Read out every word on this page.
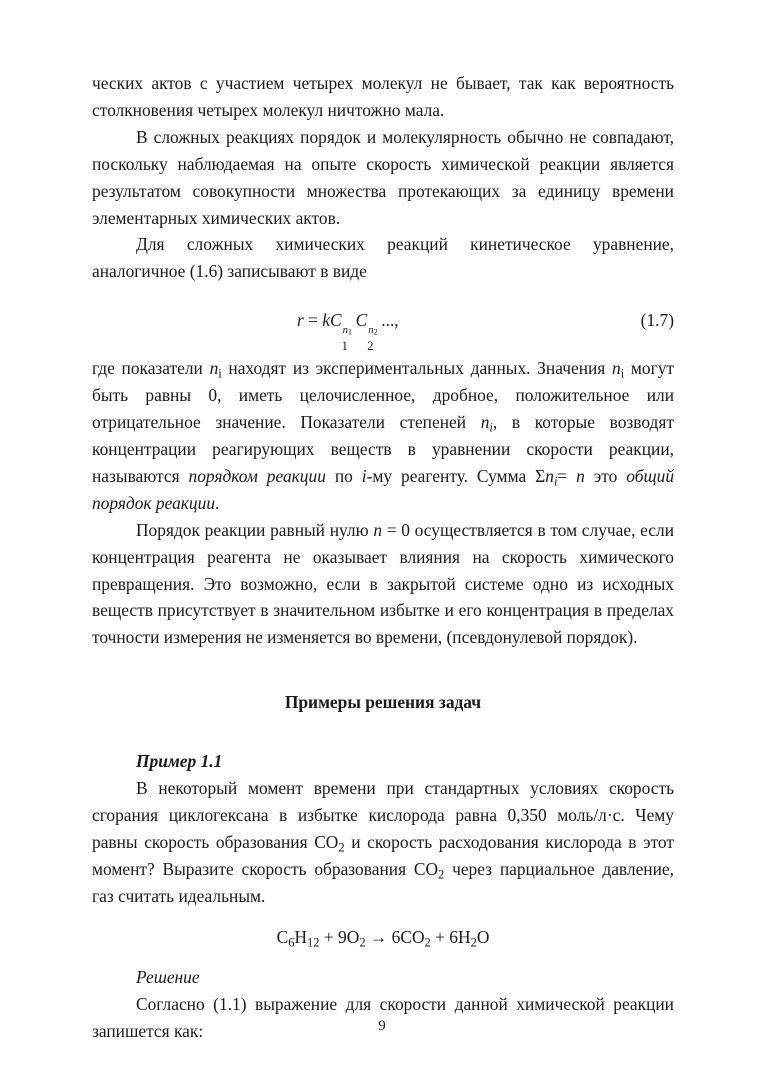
ческих актов с участием четырех молекул не бывает, так как вероятность столкновения четырех молекул ничтожно мала.

В сложных реакциях порядок и молекулярность обычно не совпадают, поскольку наблюдаемая на опыте скорость химической реакции является результатом совокупности множества протекающих за единицу времени элементарных химических актов.

Для сложных химических реакций кинетическое уравнение, аналогичное (1.6) записывают в виде

r = kC
1
n1
C
2
n2
...,	(1.7)

где показатели $n_i$ находят из экспериментальных данных. Значения $n_i$ могут быть равны 0, иметь целочисленное, дробное, положительное или отрицательное значение. Показатели степеней $n_i$, в которые возводят концентрации реагирующих веществ в уравнении скорости реакции, называются порядком реакции по i-му реагенту. Сумма $\Sigma n_i= n$ это общий порядок реакции.

Порядок реакции равный нулю n = 0 осуществляется в том случае, если концентрация реагента не оказывает влияния на скорость химического превращения. Это возможно, если в закрытой системе одно из исходных веществ присутствует в значительном избытке и его концентрация в пределах точности измерения не изменяется во времени, (псевдонулевой порядок).

Примеры решения задач
Пример 1.1

В некоторый момент времени при стандартных условиях скорость сгорания циклогексана в избытке кислорода равна 0,350 моль/л·с. Чему равны скорость образования $CO_2$ и скорость расходования кислорода в этот момент? Выразите скорость образования $CO_2$ через парциальное давление, газ считать идеальным.

$C_6H_{12} + 9O_2 \to 6CO_2 + 6H_2O$
Решение

Согласно (1.1) выражение для скорости данной химической реакции запишется как:	9
